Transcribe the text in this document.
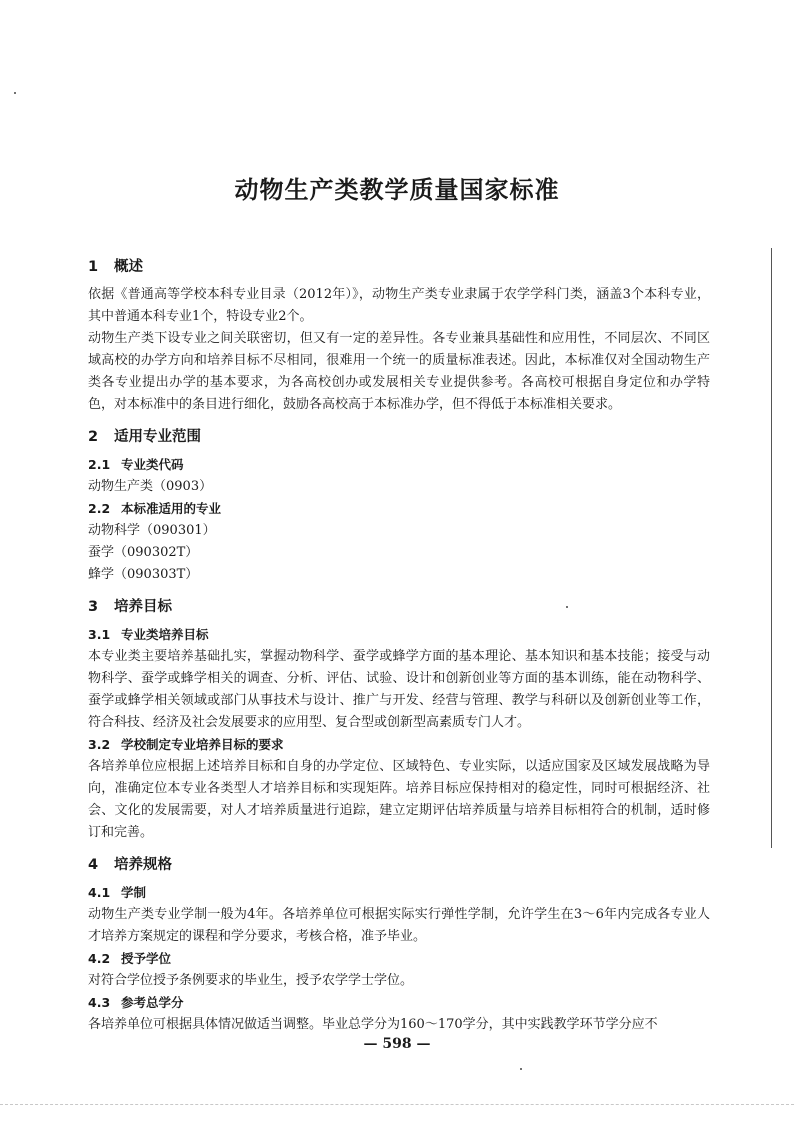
动物生产类教学质量国家标准
1 概述

依据《普通高等学校本科专业目录（2012年）》，动物生产类专业隶属于农学学科门类，涵盖3个本科专业，其中普通本科专业1个，特设专业2个。

动物生产类下设专业之间关联密切，但又有一定的差异性。各专业兼具基础性和应用性，不同层次、不同区域高校的办学方向和培养目标不尽相同，很难用一个统一的质量标准表述。因此，本标准仅对全国动物生产类各专业提出办学的基本要求，为各高校创办或发展相关专业提供参考。各高校可根据自身定位和办学特色，对本标准中的条目进行细化，鼓励各高校高于本标准办学，但不得低于本标准相关要求。

2 适用专业范围
2.1 专业类代码

动物生产类（0903）

2.2 本标准适用的专业

动物科学（090301）

蚕学（090302T）

蜂学（090303T）

3 培养目标
3.1 专业类培养目标

本专业类主要培养基础扎实，掌握动物科学、蚕学或蜂学方面的基本理论、基本知识和基本技能；接受与动物科学、蚕学或蜂学相关的调查、分析、评估、试验、设计和创新创业等方面的基本训练，能在动物科学、蚕学或蜂学相关领域或部门从事技术与设计、推广与开发、经营与管理、教学与科研以及创新创业等工作，符合科技、经济及社会发展要求的应用型、复合型或创新型高素质专门人才。

3.2 学校制定专业培养目标的要求

各培养单位应根据上述培养目标和自身的办学定位、区域特色、专业实际，以适应国家及区域发展战略为导向，准确定位本专业各类型人才培养目标和实现矩阵。培养目标应保持相对的稳定性，同时可根据经济、社会、文化的发展需要，对人才培养质量进行追踪，建立定期评估培养质量与培养目标相符合的机制，适时修订和完善。

4 培养规格
4.1 学制

动物生产类专业学制一般为4年。各培养单位可根据实际实行弹性学制，允许学生在3～6年内完成各专业人才培养方案规定的课程和学分要求，考核合格，准予毕业。

4.2 授予学位

对符合学位授予条例要求的毕业生，授予农学学士学位。

4.3 参考总学分

各培养单位可根据具体情况做适当调整。毕业总学分为160～170学分，其中实践教学环节学分应不

— 598 —
